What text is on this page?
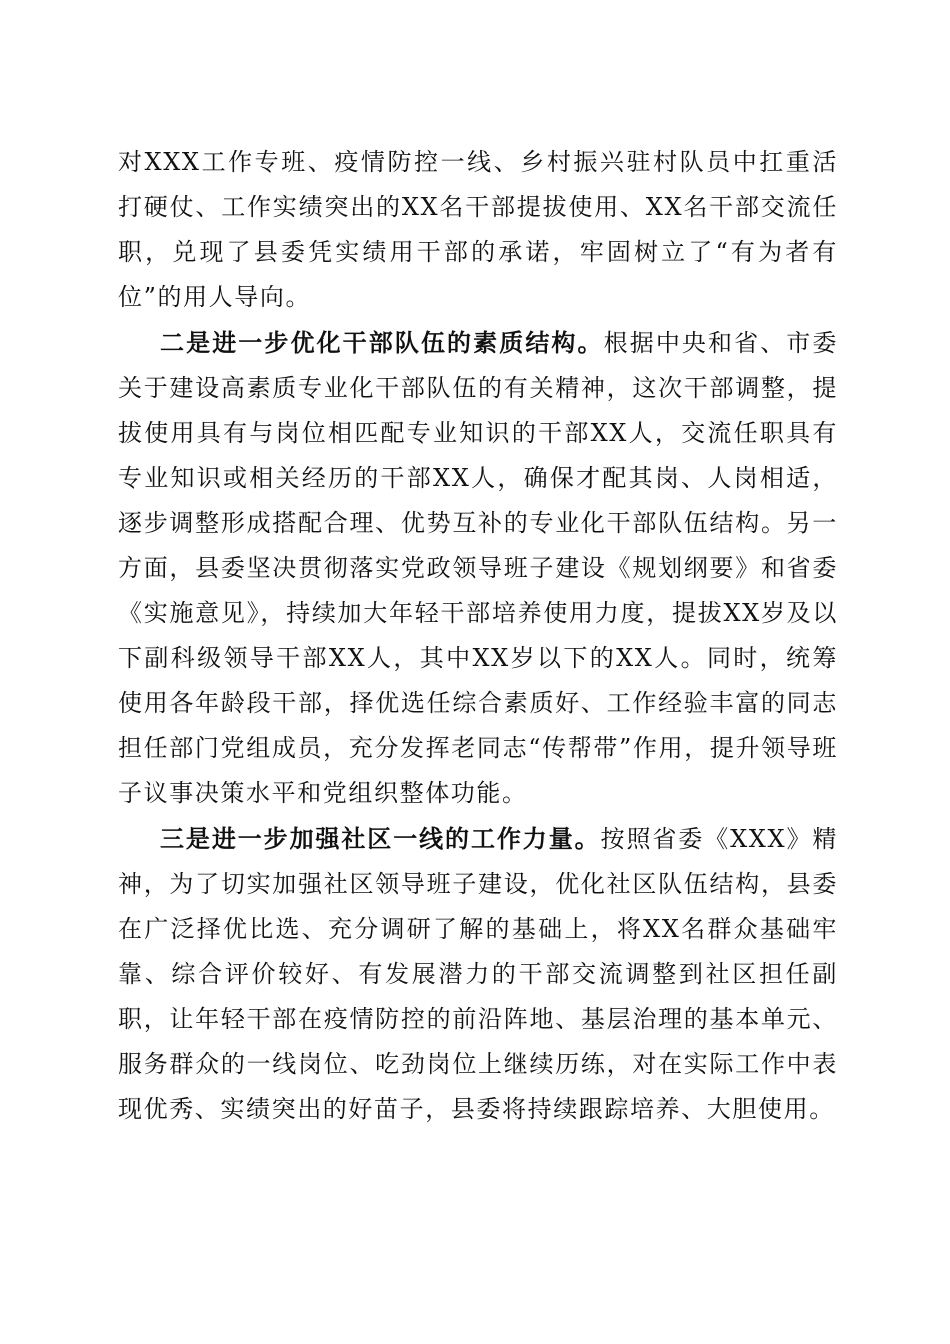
对XXX工作专班、疫情防控一线、乡村振兴驻村队员中扛重活打硬仗、工作实绩突出的XX名干部提拔使用、XX名干部交流任职，兑现了县委凭实绩用干部的承诺，牢固树立了“有为者有位”的用人导向。

二是进一步优化干部队伍的素质结构。根据中央和省、市委关于建设高素质专业化干部队伍的有关精神，这次干部调整，提拔使用具有与岗位相匹配专业知识的干部XX人，交流任职具有专业知识或相关经历的干部XX人，确保才配其岗、人岗相适，逐步调整形成搭配合理、优势互补的专业化干部队伍结构。另一方面，县委坚决贯彻落实党政领导班子建设《规划纲要》和省委《实施意见》，持续加大年轻干部培养使用力度，提拔XX岁及以下副科级领导干部XX人，其中XX岁以下的XX人。同时，统筹使用各年龄段干部，择优选任综合素质好、工作经验丰富的同志担任部门党组成员，充分发挥老同志“传帮带”作用，提升领导班子议事决策水平和党组织整体功能。

三是进一步加强社区一线的工作力量。按照省委《XXX》精神，为了切实加强社区领导班子建设，优化社区队伍结构，县委在广泛择优比选、充分调研了解的基础上，将XX名群众基础牢靠、综合评价较好、有发展潜力的干部交流调整到社区担任副职，让年轻干部在疫情防控的前沿阵地、基层治理的基本单元、服务群众的一线岗位、吃劲岗位上继续历练，对在实际工作中表现优秀、实绩突出的好苗子，县委将持续跟踪培养、大胆使用。
